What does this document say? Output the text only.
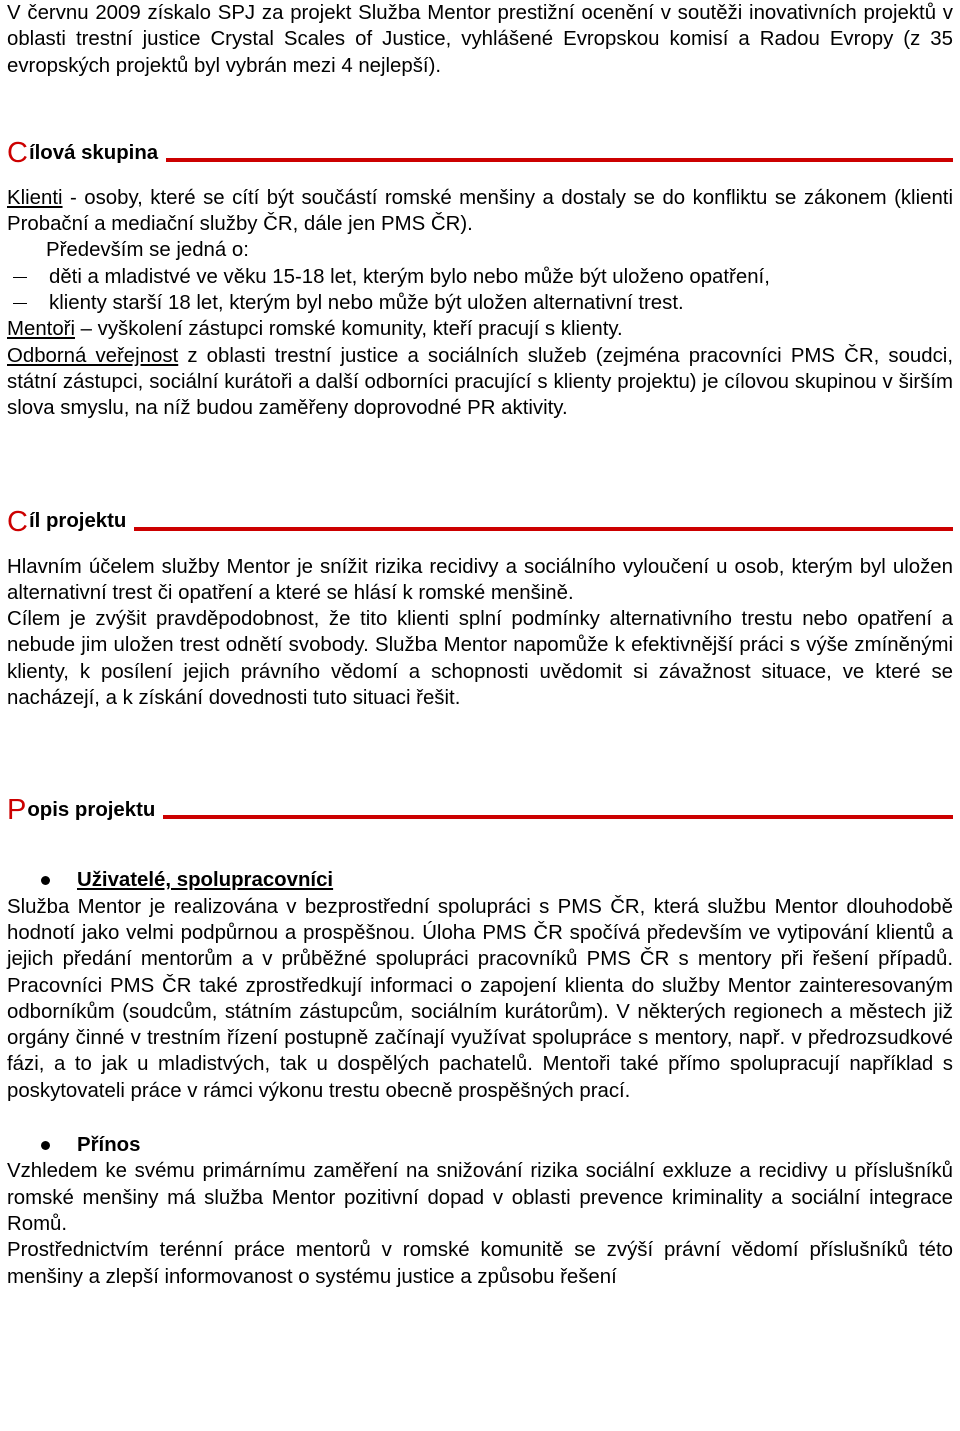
V červnu 2009 získalo SPJ za projekt Služba Mentor prestižní ocenění v soutěži inovativních projektů v oblasti trestní justice Crystal Scales of Justice, vyhlášené Evropskou komisí a Radou Evropy (z 35 evropských projektů byl vybrán mezi 4 nejlepší).

C ílová skupina

Klienti - osoby, které se cítí být součástí romské menšiny a dostaly se do konfliktu se zákonem (klienti Probační a mediační služby ČR, dále jen PMS ČR).

Především se jedná o:

děti a mladistvé ve věku 15-18 let, kterým bylo nebo může být uloženo opatření,
klienty starší 18 let, kterým byl nebo může být uložen alternativní trest.

Mentoři – vyškolení zástupci romské komunity, kteří pracují s klienty.

Odborná veřejnost z oblasti trestní justice a sociálních služeb (zejména pracovníci PMS ČR, soudci, státní zástupci, sociální kurátoři a další odborníci pracující s klienty projektu) je cílovou skupinou v širším slova smyslu, na níž budou zaměřeny doprovodné PR aktivity.

C íl projektu

Hlavním účelem služby Mentor je snížit rizika recidivy a sociálního vyloučení u osob, kterým byl uložen alternativní trest či opatření a které se hlásí k romské menšině.

Cílem je zvýšit pravděpodobnost, že tito klienti splní podmínky alternativního trestu nebo opatření a nebude jim uložen trest odnětí svobody. Služba Mentor napomůže k efektivnější práci s výše zmíněnými klienty, k posílení jejich právního vědomí a schopnosti uvědomit si závažnost situace, ve které se nacházejí, a k získání dovednosti tuto situaci řešit.

P opis projektu
Uživatelé, spolupracovníci

Služba Mentor je realizována v bezprostřední spolupráci s PMS ČR, která službu Mentor dlouhodobě hodnotí jako velmi podpůrnou a prospěšnou. Úloha PMS ČR spočívá především ve vytipování klientů a jejich předání mentorům a v průběžné spolupráci pracovníků PMS ČR s mentory při řešení případů. Pracovníci PMS ČR také zprostředkují informaci o zapojení klienta do služby Mentor zainteresovaným odborníkům (soudcům, státním zástupcům, sociálním kurátorům). V některých regionech a městech již orgány činné v trestním řízení postupně začínají využívat spolupráce s mentory, např. v předrozsudkové fázi, a to jak u mladistvých, tak u dospělých pachatelů. Mentoři také přímo spolupracují například s poskytovateli práce v rámci výkonu trestu obecně prospěšných prací.

Přínos

Vzhledem ke svému primárnímu zaměření na snižování rizika sociální exkluze a recidivy u příslušníků romské menšiny má služba Mentor pozitivní dopad v oblasti prevence kriminality a sociální integrace Romů.

Prostřednictvím terénní práce mentorů v romské komunitě se zvýší právní vědomí příslušníků této menšiny a zlepší informovanost o systému justice a způsobu řešení
